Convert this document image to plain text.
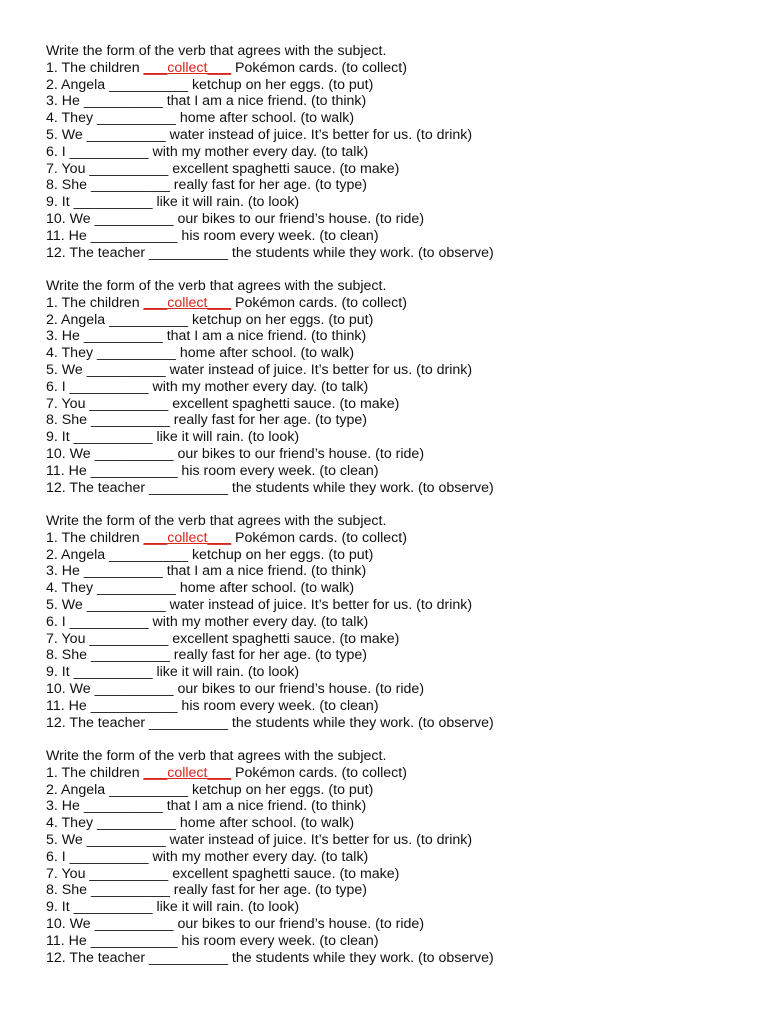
Write the form of the verb that agrees with the subject.
1. The children ___collect___ Pokémon cards. (to collect)
2. Angela __________ ketchup on her eggs. (to put)
3. He __________ that I am a nice friend. (to think)
4. They __________ home after school. (to walk)
5. We __________ water instead of juice. It’s better for us. (to drink)
6. I __________ with my mother every day. (to talk)
7. You __________ excellent spaghetti sauce. (to make)
8. She __________ really fast for her age. (to type)
9. It __________ like it will rain. (to look)
10. We __________ our bikes to our friend’s house. (to ride)
11. He ___________ his room every week. (to clean)
12. The teacher __________ the students while they work. (to observe)
Write the form of the verb that agrees with the subject.
1. The children ___collect___ Pokémon cards. (to collect)
2. Angela __________ ketchup on her eggs. (to put)
3. He __________ that I am a nice friend. (to think)
4. They __________ home after school. (to walk)
5. We __________ water instead of juice. It’s better for us. (to drink)
6. I __________ with my mother every day. (to talk)
7. You __________ excellent spaghetti sauce. (to make)
8. She __________ really fast for her age. (to type)
9. It __________ like it will rain. (to look)
10. We __________ our bikes to our friend’s house. (to ride)
11. He ___________ his room every week. (to clean)
12. The teacher __________ the students while they work. (to observe)
Write the form of the verb that agrees with the subject.
1. The children ___collect___ Pokémon cards. (to collect)
2. Angela __________ ketchup on her eggs. (to put)
3. He __________ that I am a nice friend. (to think)
4. They __________ home after school. (to walk)
5. We __________ water instead of juice. It’s better for us. (to drink)
6. I __________ with my mother every day. (to talk)
7. You __________ excellent spaghetti sauce. (to make)
8. She __________ really fast for her age. (to type)
9. It __________ like it will rain. (to look)
10. We __________ our bikes to our friend’s house. (to ride)
11. He ___________ his room every week. (to clean)
12. The teacher __________ the students while they work. (to observe)
Write the form of the verb that agrees with the subject.
1. The children ___collect___ Pokémon cards. (to collect)
2. Angela __________ ketchup on her eggs. (to put)
3. He __________ that I am a nice friend. (to think)
4. They __________ home after school. (to walk)
5. We __________ water instead of juice. It’s better for us. (to drink)
6. I __________ with my mother every day. (to talk)
7. You __________ excellent spaghetti sauce. (to make)
8. She __________ really fast for her age. (to type)
9. It __________ like it will rain. (to look)
10. We __________ our bikes to our friend’s house. (to ride)
11. He ___________ his room every week. (to clean)
12. The teacher __________ the students while they work. (to observe)
